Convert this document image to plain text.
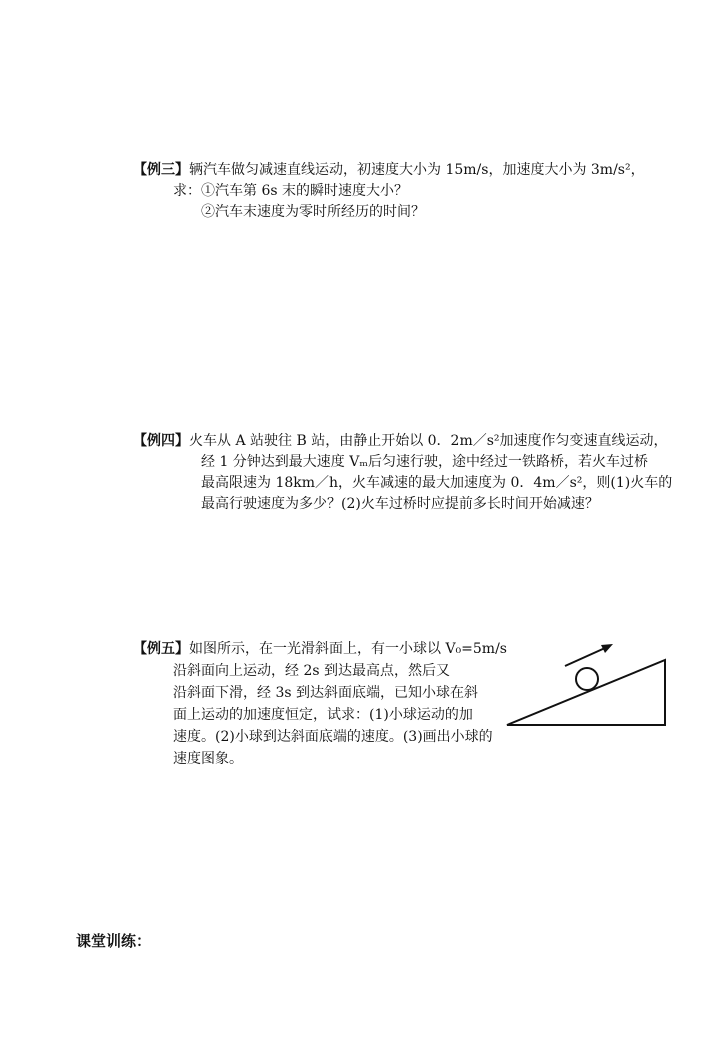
【例三】辆汽车做匀减速直线运动，初速度大小为 15m/s，加速度大小为 3m/s²，
求：①汽车第 6s 末的瞬时速度大小？
②汽车末速度为零时所经历的时间？
【例四】火车从 A 站驶往 B 站，由静止开始以 0．2m／s²加速度作匀变速直线运动，
经 1 分钟达到最大速度 Vₘ后匀速行驶，途中经过一铁路桥，若火车过桥
最高限速为 18km／h，火车减速的最大加速度为 0．4m／s²，则(1)火车的
最高行驶速度为多少？(2)火车过桥时应提前多长时间开始减速？
【例五】如图所示，在一光滑斜面上，有一小球以 V₀=5m/s
沿斜面向上运动，经 2s 到达最高点，然后又
沿斜面下滑，经 3s 到达斜面底端，已知小球在斜
面上运动的加速度恒定，试求：(1)小球运动的加
速度。(2)小球到达斜面底端的速度。(3)画出小球的
速度图象。
课堂训练：
